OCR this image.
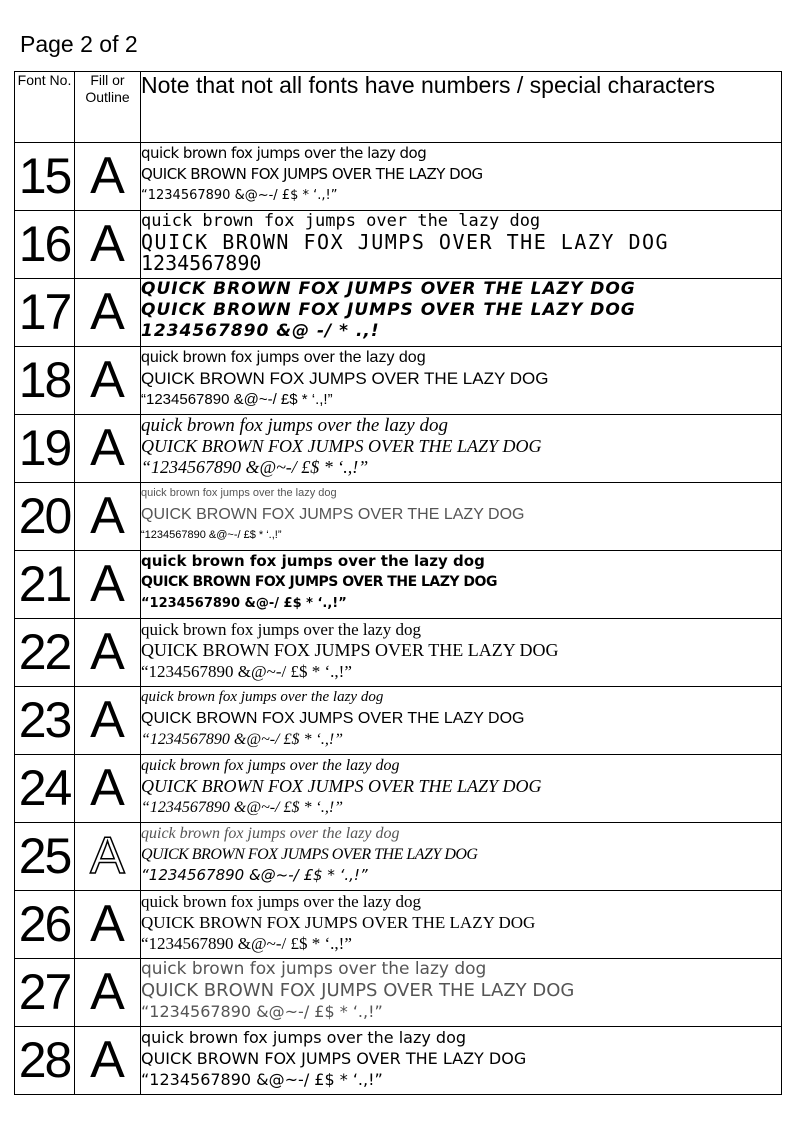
Page 2 of 2
Font No.	Fill or Outline	Note that not all fonts have numbers / special characters
15	A	quick brown fox jumps over the lazy dog
QUICK BROWN FOX JUMPS OVER THE LAZY DOG
“1234567890 &@~-/ £$ * ‘.,!”

16	A	quick brown fox jumps over the lazy dog
QUICK BROWN FOX JUMPS OVER THE LAZY DOG
1234567890

17	A	QUICK BROWN FOX JUMPS OVER THE LAZY DOG
QUICK BROWN FOX JUMPS OVER THE LAZY DOG
1234567890 &@ -/ * .,!

18	A	quick brown fox jumps over the lazy dog
QUICK BROWN FOX JUMPS OVER THE LAZY DOG
“1234567890 &@~-/ £$ * ‘.,!”

19	A	quick brown fox jumps over the lazy dog
QUICK BROWN FOX JUMPS OVER THE LAZY DOG
“1234567890 &@~-/ £$ * ‘.,!”

20	A	quick brown fox jumps over the lazy dog
QUICK BROWN FOX JUMPS OVER THE LAZY DOG
“1234567890 &@~-/ £$ * ‘.,!”

21	A	quick brown fox jumps over the lazy dog
QUICK BROWN FOX JUMPS OVER THE LAZY DOG
“1234567890 &@-/ £$ * ‘.,!”

22	A	quick brown fox jumps over the lazy dog
QUICK BROWN FOX JUMPS OVER THE LAZY DOG
“1234567890 &@~-/ £$ * ‘.,!”

23	A	quick brown fox jumps over the lazy dog
QUICK BROWN FOX JUMPS OVER THE LAZY DOG
“1234567890 &@~-/ £$ * ‘.,!”

24	A	quick brown fox jumps over the lazy dog
QUICK BROWN FOX JUMPS OVER THE LAZY DOG
“1234567890 &@~-/ £$ * ‘.,!”

25	A	quick brown fox jumps over the lazy dog
QUICK BROWN FOX JUMPS OVER THE LAZY DOG
“1234567890 &@~-/ £$ * ‘.,!”

26	A	quick brown fox jumps over the lazy dog
QUICK BROWN FOX JUMPS OVER THE LAZY DOG
“1234567890 &@~-/ £$ * ‘.,!”

27	A	quick brown fox jumps over the lazy dog
QUICK BROWN FOX JUMPS OVER THE LAZY DOG
“1234567890 &@~-/ £$ * ‘.,!”

28	A	quick brown fox jumps over the lazy dog
QUICK BROWN FOX JUMPS OVER THE LAZY DOG
“1234567890 &@~-/ £$ * ‘.,!”
